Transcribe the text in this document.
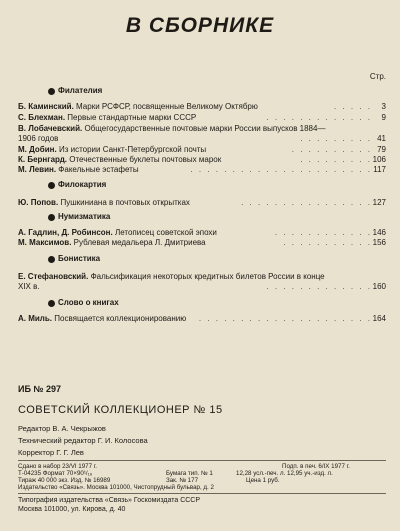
В СБОРНИКЕ
Стр.
Филателия
Б. Каминский. Марки РСФСР, посвященные Великому Октябрю	. . . . . 3
С. Блехман. Первые стандартные марки СССР	. . . . . . . . . . . . . 9
В. Лобачевский. Общегосударственные почтовые марки России выпусков 1884—1906 годов	. . . . . . . . . 41
М. Добин. Из истории Санкт-Петербургской почты	. . . . . . . . . . 79
К. Бернгард. Отечественные буклеты почтовых марок	. . . . . . . . . 106
М. Левин. Факельные эстафеты	. . . . . . . . . . . . . . . . . . . . . . 117
Филокартия
Ю. Попов. Пушкиниана в почтовых открытках	. . . . . . . . . . . . . . . . 127
Нумизматика
А. Гадлин, Д. Робинсон. Летописец советской эпохи	. . . . . . . . . . . . 146
М. Максимов. Рублевая медальера Л. Дмитриева	. . . . . . . . . . . 156
Бонистика
Е. Стефановский. Фальсификация некоторых кредитных билетов России в конце XIX в.	. . . . . . . . . . . . . 160
Слово о книгах
А. Миль. Посвящается коллекционированию	. . . . . . . . . . . . . . . . . . . . . 164
ИБ № 297
СОВЕТСКИЙ КОЛЛЕКЦИОНЕР № 15
Редактор В. А. Чекрыжов
Технический редактор Г. И. Колосова
Корректор Г. Г. Лев
Сдано в набор 23/VI 1977 г.
Т-04235 Формат 70×90¹/₁₆
Тираж 40 000 экз. Изд. № 16989
Издательство «Связь». Москва 101000, Чистопрудный бульвар, д. 2
Бумага тип. № 1
Зак. № 177
Подп. в печ. 6/IX 1977 г.
12,28 усл.-печ. л. 12,95 уч.-изд. л.
Цена 1 руб.
Типография издательства «Связь» Госкомиздата СССР
Москва 101000, ул. Кирова, д. 40
